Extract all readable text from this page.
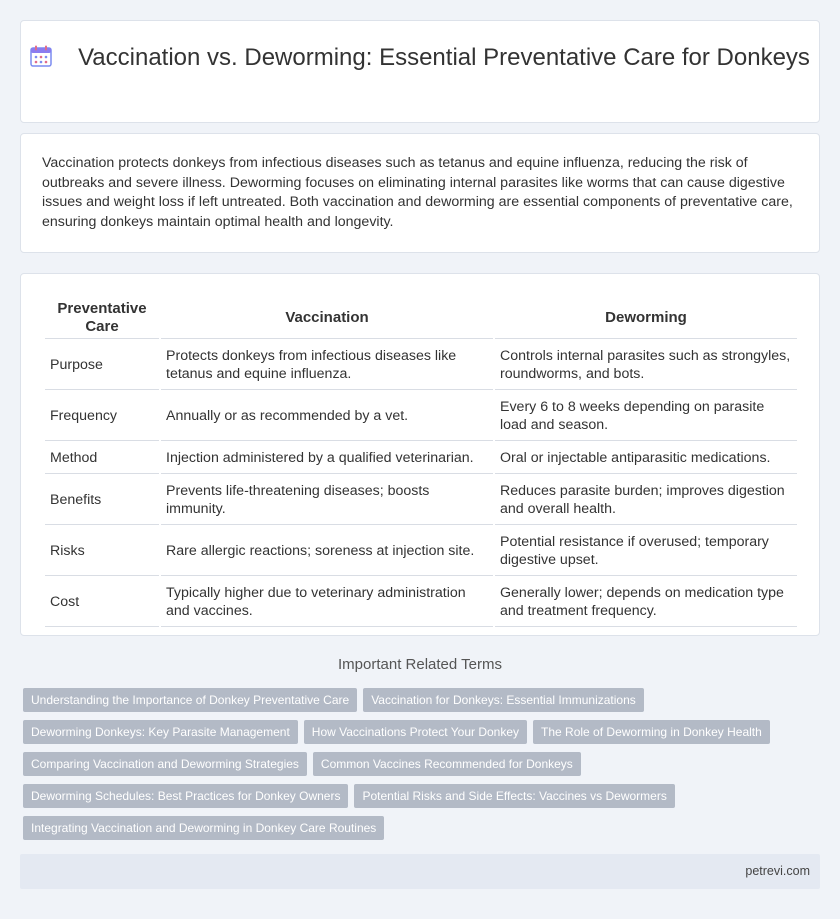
Vaccination vs. Deworming: Essential Preventative Care for Donkeys

Vaccination protects donkeys from infectious diseases such as tetanus and equine influenza, reducing the risk of outbreaks and severe illness. Deworming focuses on eliminating internal parasites like worms that can cause digestive issues and weight loss if left untreated. Both vaccination and deworming are essential components of preventative care, ensuring donkeys maintain optimal health and longevity.

Preventative Care	Vaccination	Deworming
Purpose	Protects donkeys from infectious diseases like tetanus and equine influenza.	Controls internal parasites such as strongyles, roundworms, and bots.
Frequency	Annually or as recommended by a vet.	Every 6 to 8 weeks depending on parasite load and season.
Method	Injection administered by a qualified veterinarian.	Oral or injectable antiparasitic medications.
Benefits	Prevents life-threatening diseases; boosts immunity.	Reduces parasite burden; improves digestion and overall health.
Risks	Rare allergic reactions; soreness at injection site.	Potential resistance if overused; temporary digestive upset.
Cost	Typically higher due to veterinary administration and vaccines.	Generally lower; depends on medication type and treatment frequency.
Important Related Terms
Understanding the Importance of Donkey Preventative Care Vaccination for Donkeys: Essential Immunizations
Deworming Donkeys: Key Parasite Management How Vaccinations Protect Your Donkey The Role of Deworming in Donkey Health
Comparing Vaccination and Deworming Strategies Common Vaccines Recommended for Donkeys
Deworming Schedules: Best Practices for Donkey Owners Potential Risks and Side Effects: Vaccines vs Dewormers
Integrating Vaccination and Deworming in Donkey Care Routines
petrevi.com
